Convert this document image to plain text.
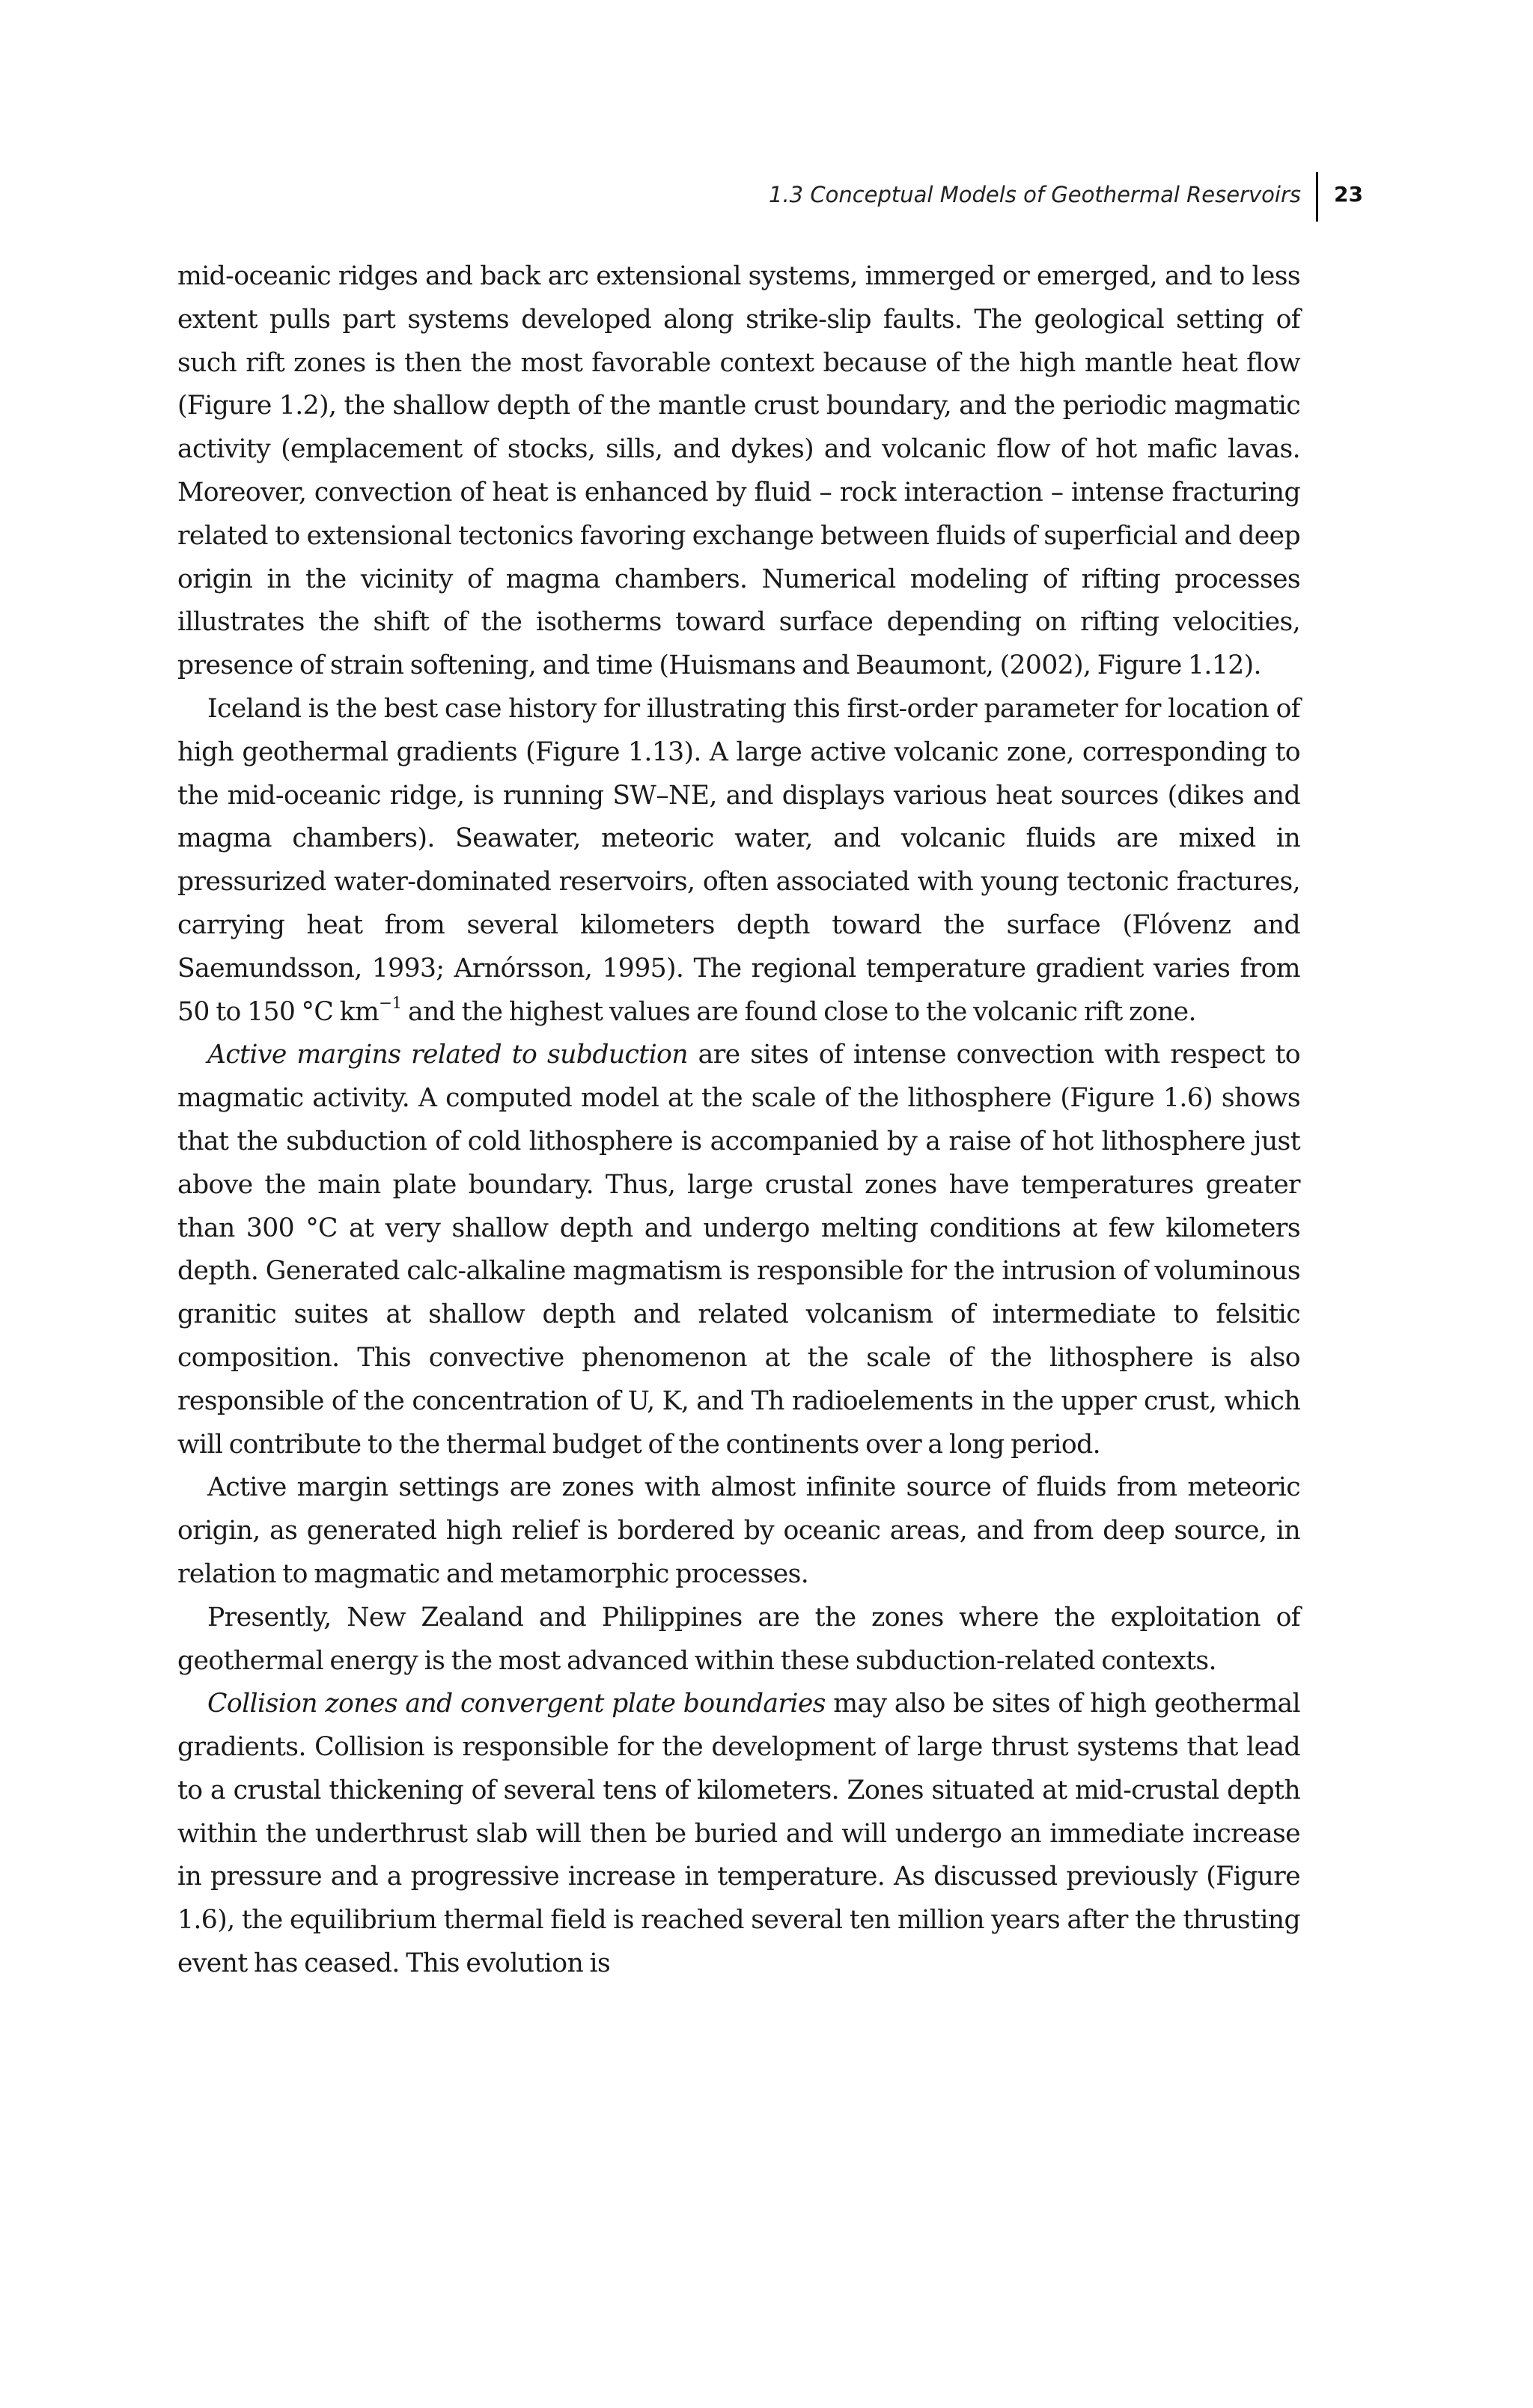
1.3 Conceptual Models of Geothermal Reservoirs 23

mid-oceanic ridges and back arc extensional systems, immerged or emerged, and to less extent pulls part systems developed along strike-slip faults. The geological setting of such rift zones is then the most favorable context because of the high mantle heat flow (Figure 1.2), the shallow depth of the mantle crust boundary, and the periodic magmatic activity (emplacement of stocks, sills, and dykes) and volcanic flow of hot mafic lavas. Moreover, convection of heat is enhanced by fluid – rock interaction – intense fracturing related to extensional tectonics favoring exchange between fluids of superficial and deep origin in the vicinity of magma chambers. Numerical modeling of rifting processes illustrates the shift of the isotherms toward surface depending on rifting velocities, presence of strain softening, and time (Huismans and Beaumont, (2002), Figure 1.12).

Iceland is the best case history for illustrating this first-order parameter for location of high geothermal gradients (Figure 1.13). A large active volcanic zone, corresponding to the mid-oceanic ridge, is running SW–NE, and displays various heat sources (dikes and magma chambers). Seawater, meteoric water, and volcanic fluids are mixed in pressurized water-dominated reservoirs, often associated with young tectonic fractures, carrying heat from several kilometers depth toward the surface (Flóvenz and Saemundsson, 1993; Arnórsson, 1995). The regional temperature gradient varies from 50 to 150 °C $km^{-1}$ and the highest values are found close to the volcanic rift zone.

Active margins related to subduction are sites of intense convection with respect to magmatic activity. A computed model at the scale of the lithosphere (Figure 1.6) shows that the subduction of cold lithosphere is accompanied by a raise of hot lithosphere just above the main plate boundary. Thus, large crustal zones have temperatures greater than 300 °C at very shallow depth and undergo melting conditions at few kilometers depth. Generated calc-alkaline magmatism is responsible for the intrusion of voluminous granitic suites at shallow depth and related volcanism of intermediate to felsitic composition. This convective phenomenon at the scale of the lithosphere is also responsible of the concentration of U, K, and Th radioelements in the upper crust, which will contribute to the thermal budget of the continents over a long period.

Active margin settings are zones with almost infinite source of fluids from meteoric origin, as generated high relief is bordered by oceanic areas, and from deep source, in relation to magmatic and metamorphic processes.

Presently, New Zealand and Philippines are the zones where the exploitation of geothermal energy is the most advanced within these subduction-related contexts.

Collision zones and convergent plate boundaries may also be sites of high geothermal gradients. Collision is responsible for the development of large thrust systems that lead to a crustal thickening of several tens of kilometers. Zones situated at mid-crustal depth within the underthrust slab will then be buried and will undergo an immediate increase in pressure and a progressive increase in temperature. As discussed previously (Figure 1.6), the equilibrium thermal field is reached several ten million years after the thrusting event has ceased. This evolution is
